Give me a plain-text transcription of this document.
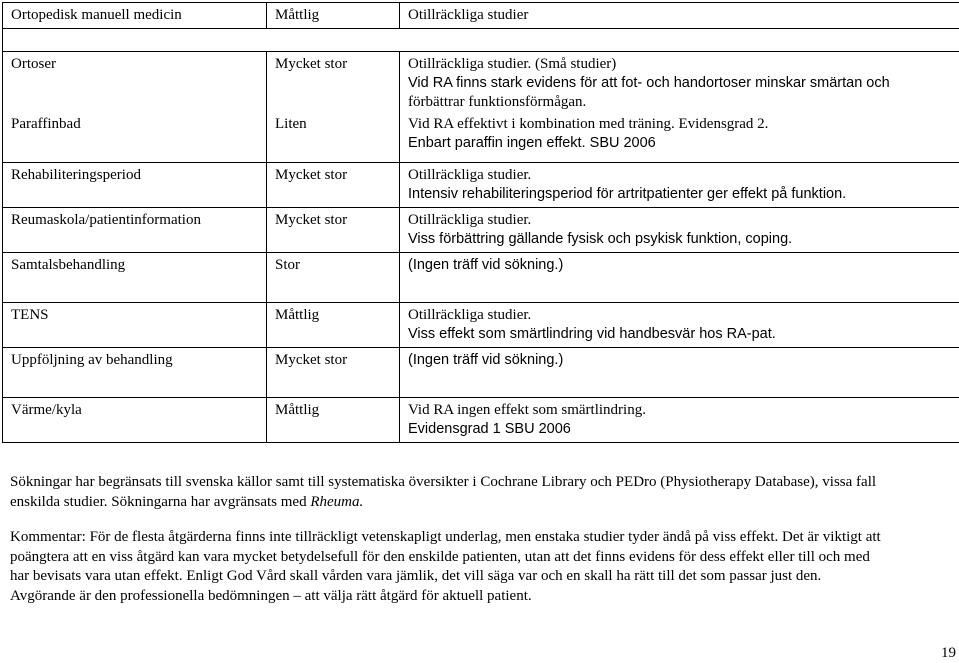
Ortopedisk manuell medicin	Måttlig	Otillräckliga studier

Ortoser	Mycket stor	Otillräckliga studier. (Små studier)
Vid RA finns stark evidens för att fot- och handortoser minskar smärtan och
förbättrar funktionsförmågan.

Paraffinbad	Liten	Vid RA effektivt i kombination med träning. Evidensgrad 2.
Enbart paraffin ingen effekt. SBU 2006

Rehabiliteringsperiod	Mycket stor	Otillräckliga studier.
Intensiv rehabiliteringsperiod för artritpatienter ger effekt på funktion.

Reumaskola/patientinformation	Mycket stor	Otillräckliga studier.
Viss förbättring gällande fysisk och psykisk funktion, coping.

Samtalsbehandling	Stor	(Ingen träff vid sökning.)

TENS	Måttlig	Otillräckliga studier.
Viss effekt som smärtlindring vid handbesvär hos RA-pat.

Uppföljning av behandling	Mycket stor	(Ingen träff vid sökning.)

Värme/kyla	Måttlig	Vid RA ingen effekt som smärtlindring.
Evidensgrad 1 SBU 2006
Sökningar har begränsats till svenska källor samt till systematiska översikter i Cochrane Library och PEDro (Physiotherapy Database), vissa fall
enskilda studier. Sökningarna har avgränsats med Rheuma.
Kommentar: För de flesta åtgärderna finns inte tillräckligt vetenskapligt underlag, men enstaka studier tyder ändå på viss effekt. Det är viktigt att
poängtera att en viss åtgärd kan vara mycket betydelsefull för den enskilde patienten, utan att det finns evidens för dess effekt eller till och med
har bevisats vara utan effekt. Enligt God Vård skall vården vara jämlik, det vill säga var och en skall ha rätt till det som passar just den.
Avgörande är den professionella bedömningen – att välja rätt åtgärd för aktuell patient.
19
